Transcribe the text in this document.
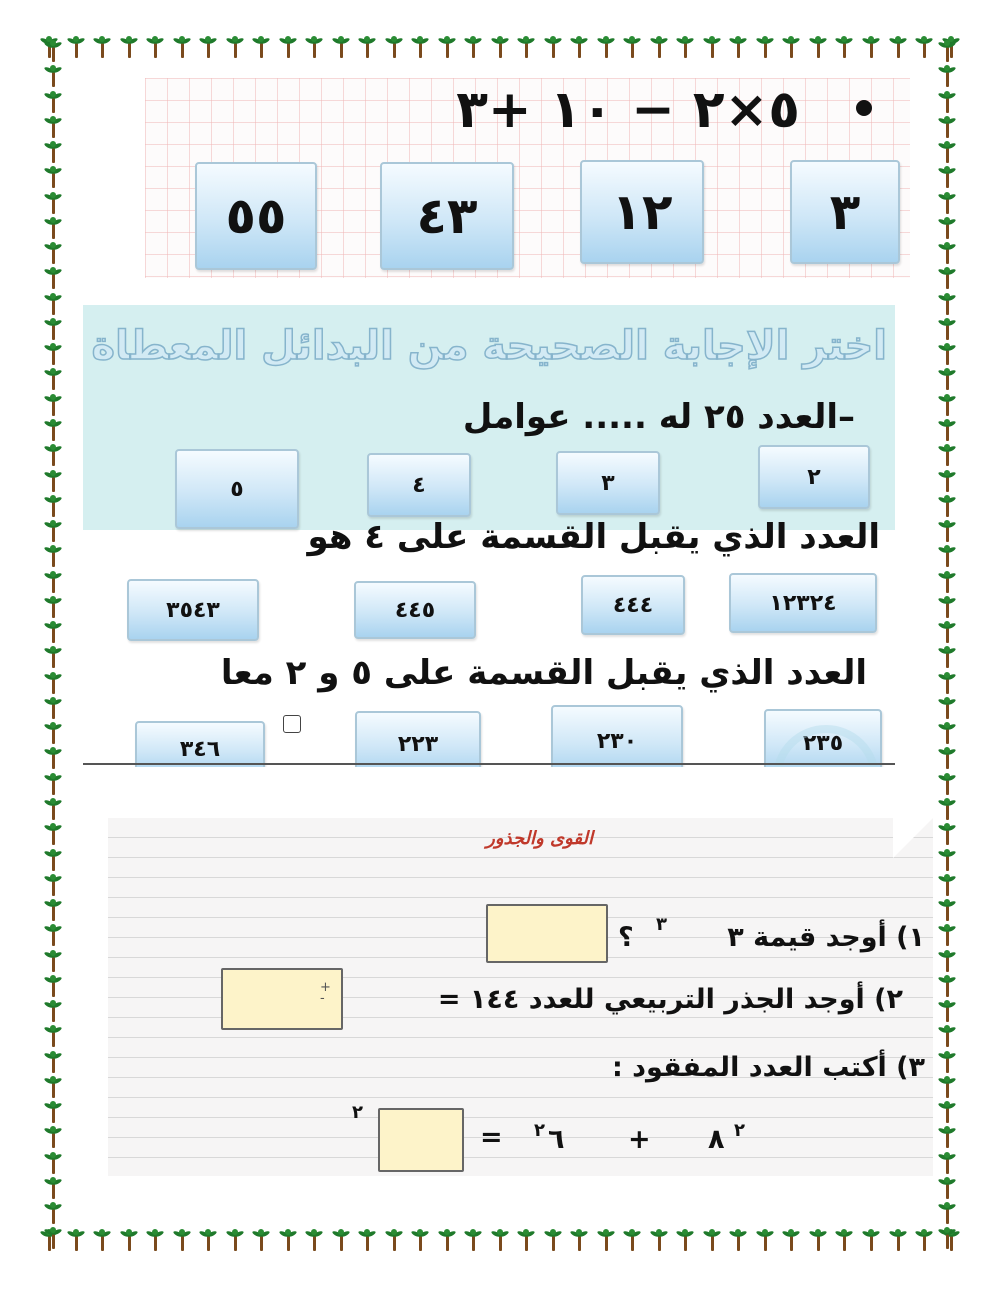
٥×٢ − ١٠ +٣
٣
١٢
٤٣
٥٥
اختر الإجابة الصحيحة من البدائل المعطاة
–العدد ٢٥ له ..... عوامل
٢
٣
٤
٥
العدد الذي يقبل القسمة على ٤ هو
١٢٣٢٤
٤٤٤
٤٤٥
٣٥٤٣
العدد الذي يقبل القسمة على ٥ و ٢ معا
٢٣٥
٢٣٠
٢٢٣
٣٤٦
القوى والجذور
١) أوجد قيمة ٣
٣
؟
٢) أوجد الجذر التربيعي للعدد ١٤٤ =
+
-
٣) أكتب العدد المفقود :
٨ ٢
+
٦
٢
=
٢
